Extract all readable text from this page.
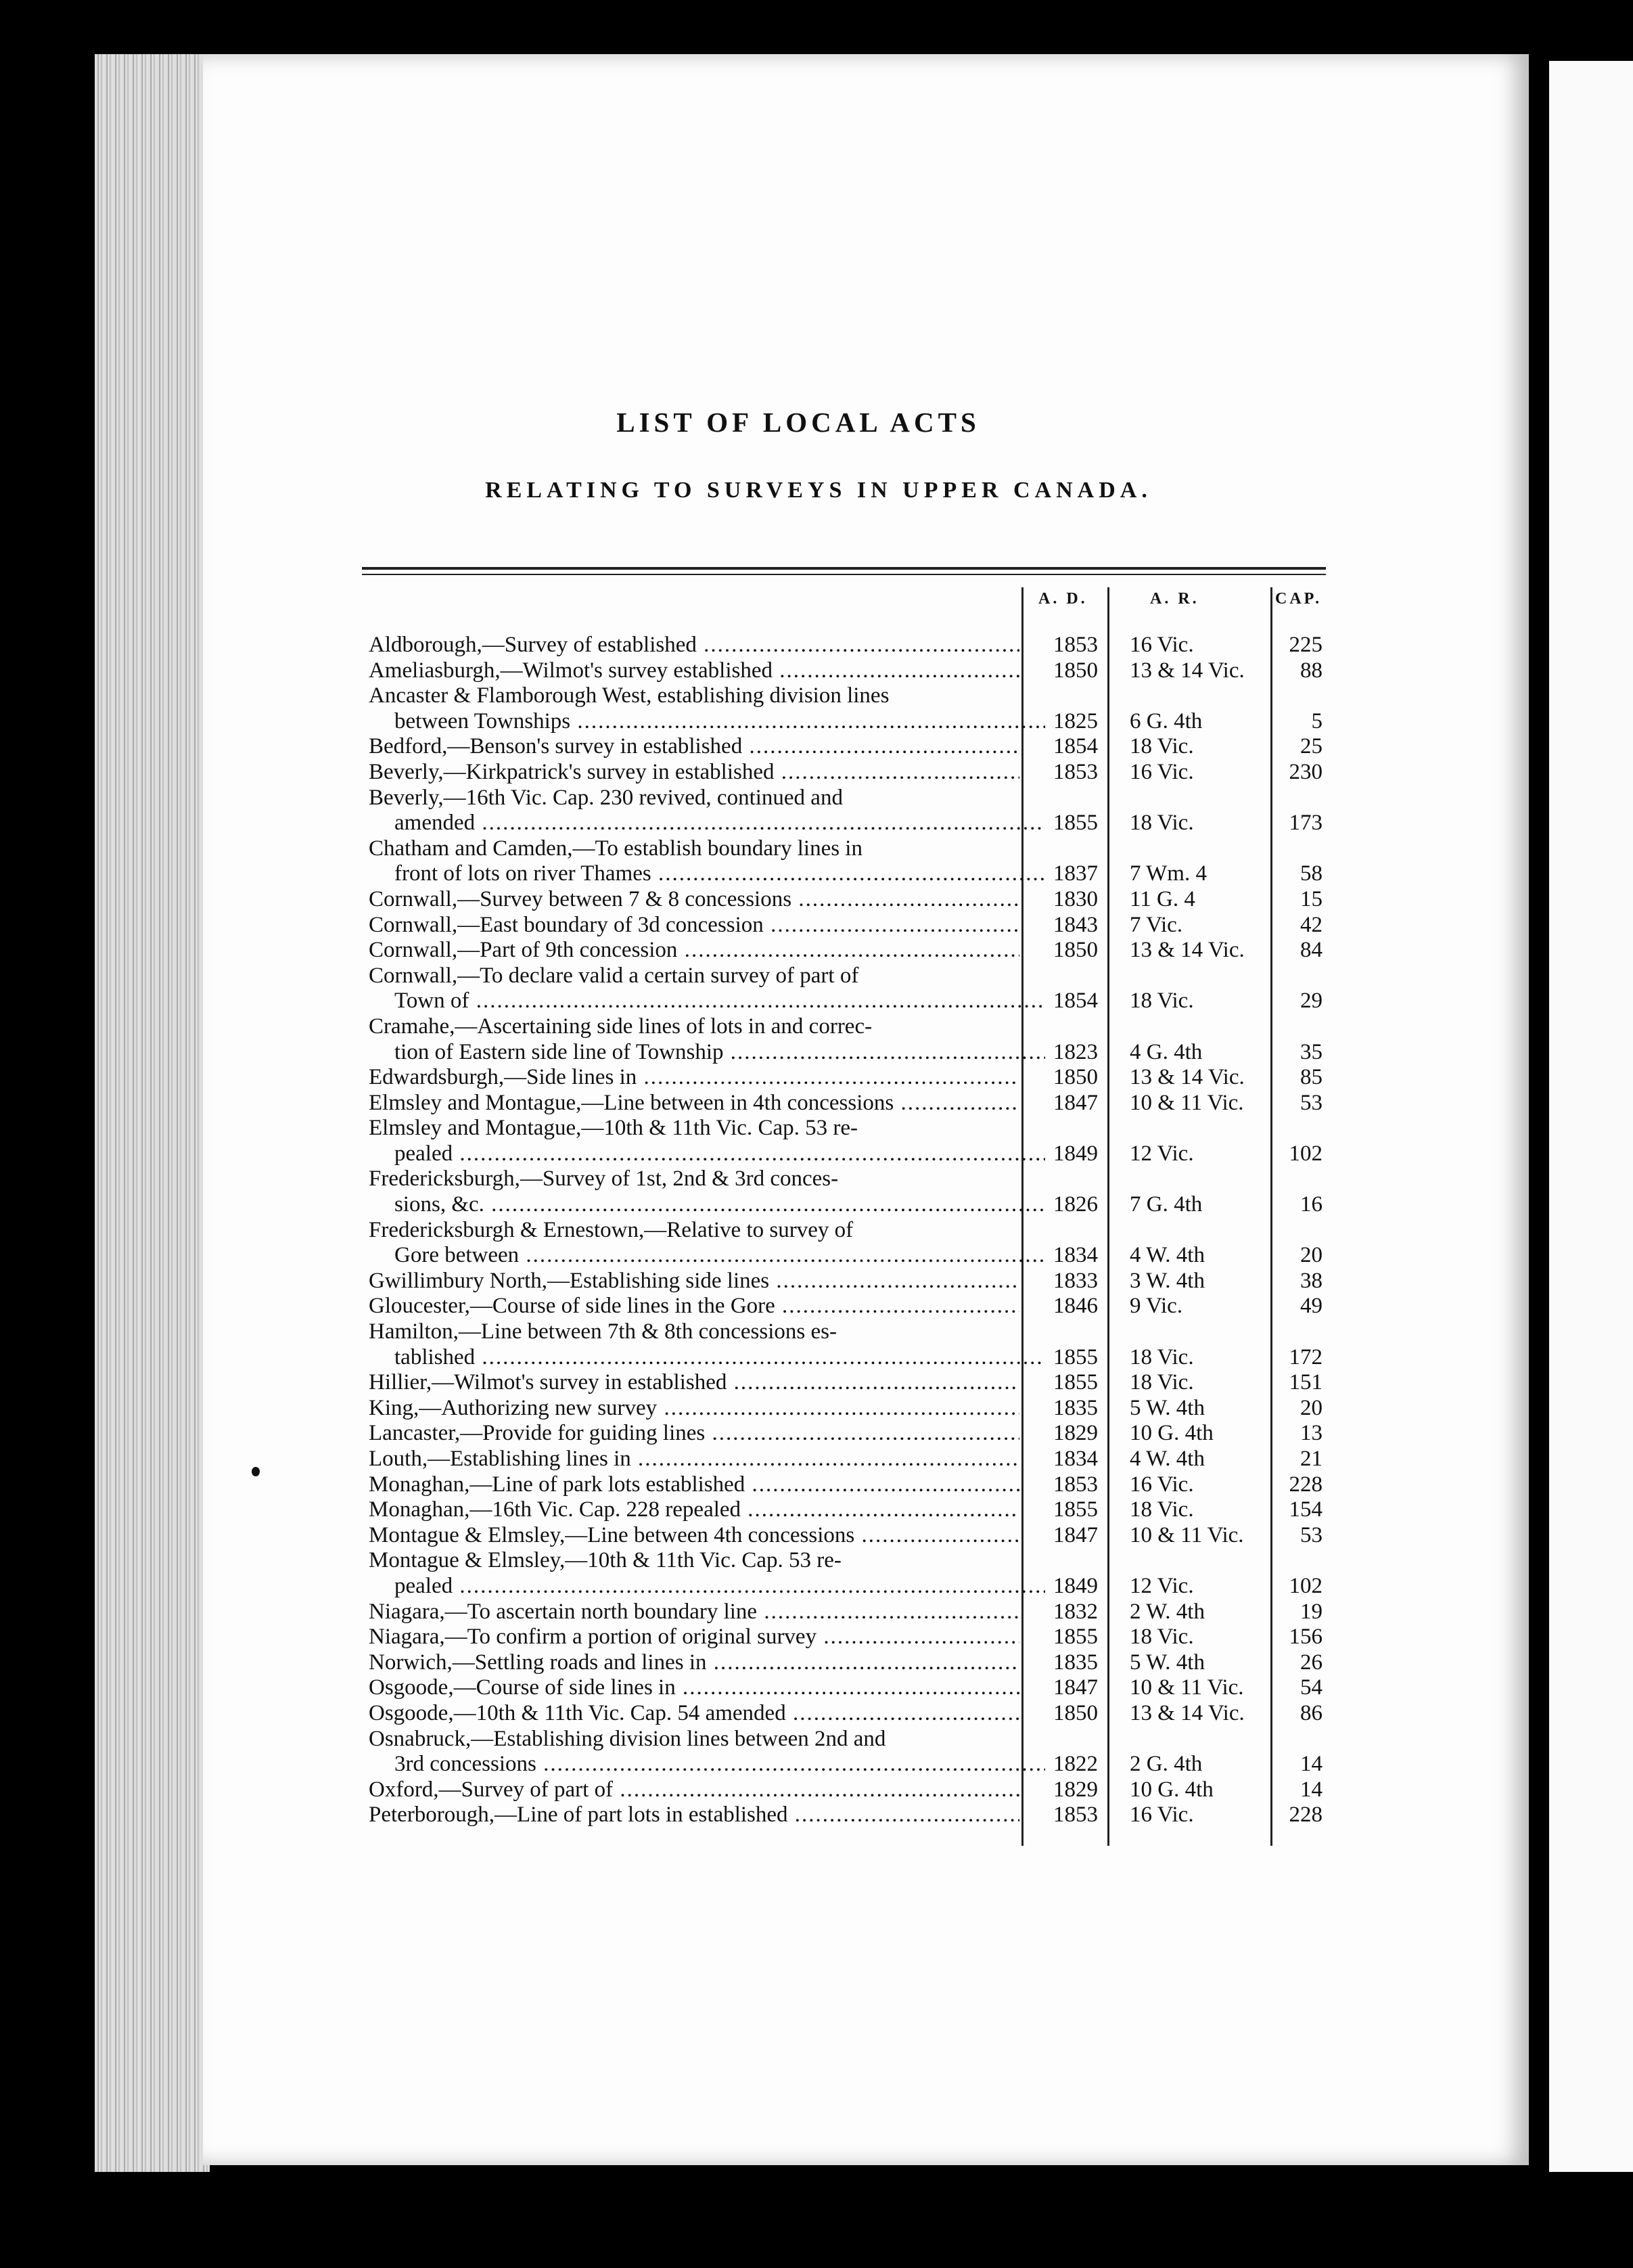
LIST OF LOCAL ACTS
RELATING TO SURVEYS IN UPPER CANADA.
A. D.	A. R.	CAP.
Aldborough,—Survey of established .....	1853	16 Vic.	225
Ameliasburgh,—Wilmot's survey established .....	1850	13 & 14 Vic.	88
Ancaster & Flamborough West, establishing division lines
between Townships .....	1825	6 G. 4th	5
Bedford,—Benson's survey in established .....	1854	18 Vic.	25
Beverly,—Kirkpatrick's survey in established .....	1853	16 Vic.	230
Beverly,—16th Vic. Cap. 230 revived, continued and
amended .....	1855	18 Vic.	173
Chatham and Camden,—To establish boundary lines in
front of lots on river Thames .....	1837	7 Wm. 4	58
Cornwall,—Survey between 7 & 8 concessions .....	1830	11 G. 4	15
Cornwall,—East boundary of 3d concession .....	1843	7 Vic.	42
Cornwall,—Part of 9th concession .....	1850	13 & 14 Vic.	84
Cornwall,—To declare valid a certain survey of part of
Town of .....	1854	18 Vic.	29
Cramahe,—Ascertaining side lines of lots in and correc-
tion of Eastern side line of Township .....	1823	4 G. 4th	35
Edwardsburgh,—Side lines in .....	1850	13 & 14 Vic.	85
Elmsley and Montague,—Line between in 4th concessions .....	1847	10 & 11 Vic.	53
Elmsley and Montague,—10th & 11th Vic. Cap. 53 re-
pealed .....	1849	12 Vic.	102
Fredericksburgh,—Survey of 1st, 2nd & 3rd conces-
sions, &c. .....	1826	7 G. 4th	16
Fredericksburgh & Ernestown,—Relative to survey of
Gore between .....	1834	4 W. 4th	20
Gwillimbury North,—Establishing side lines .....	1833	3 W. 4th	38
Gloucester,—Course of side lines in the Gore .....	1846	9 Vic.	49
Hamilton,—Line between 7th & 8th concessions es-
tablished .....	1855	18 Vic.	172
Hillier,—Wilmot's survey in established .....	1855	18 Vic.	151
King,—Authorizing new survey .....	1835	5 W. 4th	20
Lancaster,—Provide for guiding lines .....	1829	10 G. 4th	13
Louth,—Establishing lines in .....	1834	4 W. 4th	21
Monaghan,—Line of park lots established .....	1853	16 Vic.	228
Monaghan,—16th Vic. Cap. 228 repealed .....	1855	18 Vic.	154
Montague & Elmsley,—Line between 4th concessions .....	1847	10 & 11 Vic.	53
Montague & Elmsley,—10th & 11th Vic. Cap. 53 re-
pealed .....	1849	12 Vic.	102
Niagara,—To ascertain north boundary line .....	1832	2 W. 4th	19
Niagara,—To confirm a portion of original survey .....	1855	18 Vic.	156
Norwich,—Settling roads and lines in .....	1835	5 W. 4th	26
Osgoode,—Course of side lines in .....	1847	10 & 11 Vic.	54
Osgoode,—10th & 11th Vic. Cap. 54 amended .....	1850	13 & 14 Vic.	86
Osnabruck,—Establishing division lines between 2nd and
3rd concessions .....	1822	2 G. 4th	14
Oxford,—Survey of part of .....	1829	10 G. 4th	14
Peterborough,—Line of part lots in established .....	1853	16 Vic.	228
